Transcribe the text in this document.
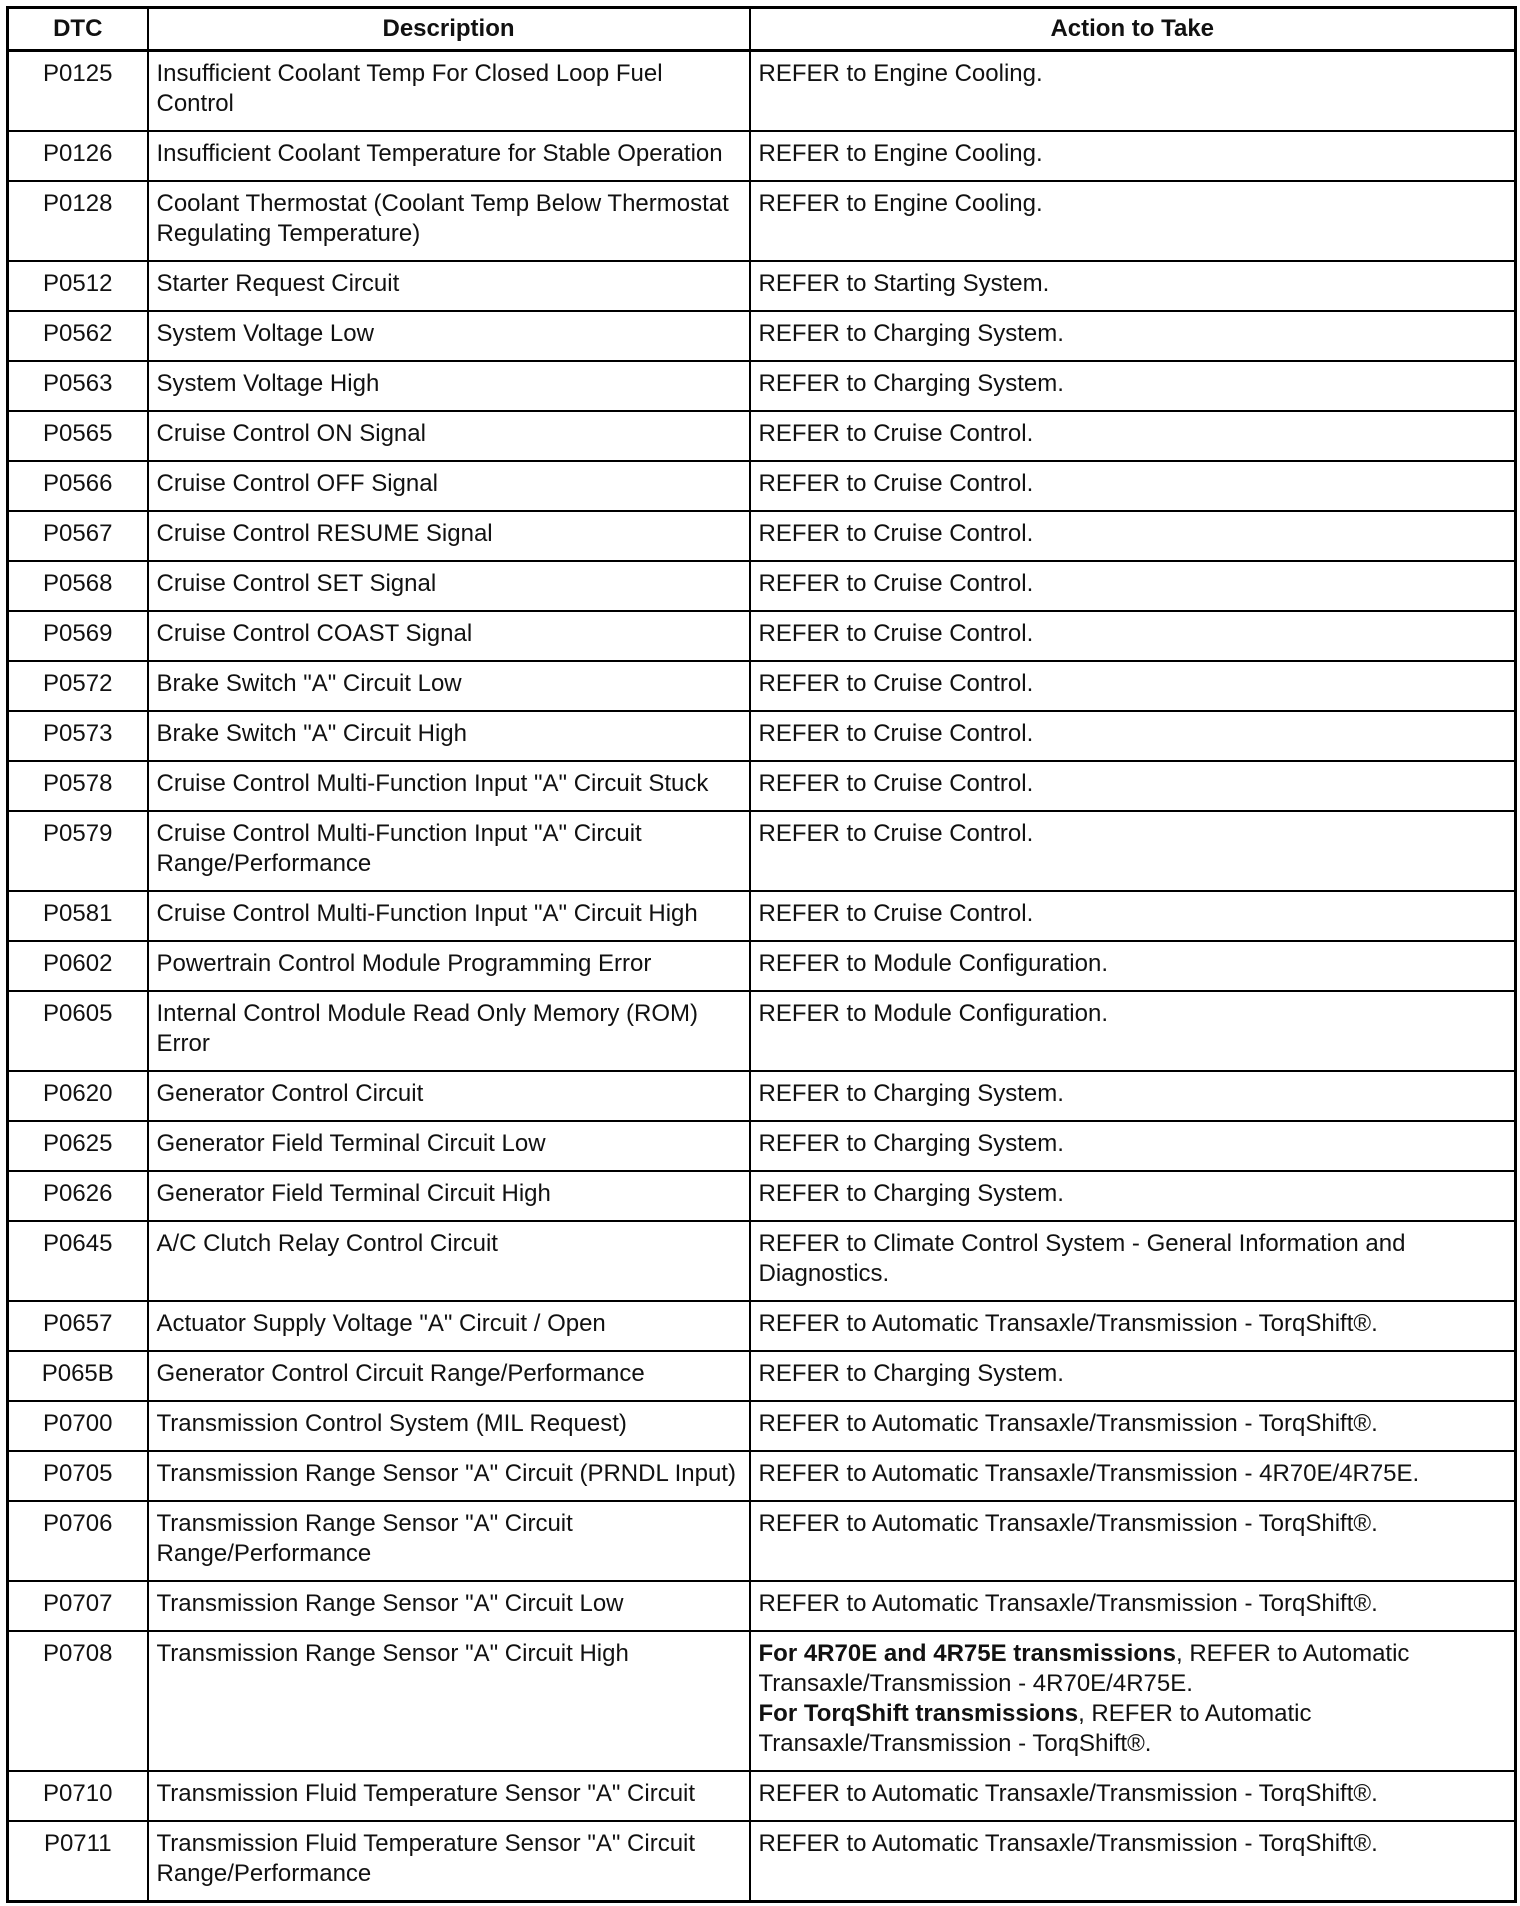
DTC	Description	Action to Take
P0125	Insufficient Coolant Temp For Closed Loop Fuel Control	REFER to Engine Cooling.
P0126	Insufficient Coolant Temperature for Stable Operation	REFER to Engine Cooling.
P0128	Coolant Thermostat (Coolant Temp Below Thermostat Regulating Temperature)	REFER to Engine Cooling.
P0512	Starter Request Circuit	REFER to Starting System.
P0562	System Voltage Low	REFER to Charging System.
P0563	System Voltage High	REFER to Charging System.
P0565	Cruise Control ON Signal	REFER to Cruise Control.
P0566	Cruise Control OFF Signal	REFER to Cruise Control.
P0567	Cruise Control RESUME Signal	REFER to Cruise Control.
P0568	Cruise Control SET Signal	REFER to Cruise Control.
P0569	Cruise Control COAST Signal	REFER to Cruise Control.
P0572	Brake Switch "A" Circuit Low	REFER to Cruise Control.
P0573	Brake Switch "A" Circuit High	REFER to Cruise Control.
P0578	Cruise Control Multi-Function Input "A" Circuit Stuck	REFER to Cruise Control.
P0579	Cruise Control Multi-Function Input "A" Circuit Range/Performance	REFER to Cruise Control.
P0581	Cruise Control Multi-Function Input "A" Circuit High	REFER to Cruise Control.
P0602	Powertrain Control Module Programming Error	REFER to Module Configuration.
P0605	Internal Control Module Read Only Memory (ROM) Error	REFER to Module Configuration.
P0620	Generator Control Circuit	REFER to Charging System.
P0625	Generator Field Terminal Circuit Low	REFER to Charging System.
P0626	Generator Field Terminal Circuit High	REFER to Charging System.
P0645	A/C Clutch Relay Control Circuit	REFER to Climate Control System - General Information and Diagnostics.
P0657	Actuator Supply Voltage "A" Circuit / Open	REFER to Automatic Transaxle/Transmission - TorqShift®.
P065B	Generator Control Circuit Range/Performance	REFER to Charging System.
P0700	Transmission Control System (MIL Request)	REFER to Automatic Transaxle/Transmission - TorqShift®.
P0705	Transmission Range Sensor "A" Circuit (PRNDL Input)	REFER to Automatic Transaxle/Transmission - 4R70E/4R75E.
P0706	Transmission Range Sensor "A" Circuit Range/Performance	REFER to Automatic Transaxle/Transmission - TorqShift®.
P0707	Transmission Range Sensor "A" Circuit Low	REFER to Automatic Transaxle/Transmission - TorqShift®.
P0708	Transmission Range Sensor "A" Circuit High	For 4R70E and 4R75E transmissions, REFER to Automatic Transaxle/Transmission - 4R70E/4R75E.
For TorqShift transmissions, REFER to Automatic Transaxle/Transmission - TorqShift®.

P0710	Transmission Fluid Temperature Sensor "A" Circuit	REFER to Automatic Transaxle/Transmission - TorqShift®.
P0711	Transmission Fluid Temperature Sensor "A" Circuit Range/Performance	REFER to Automatic Transaxle/Transmission - TorqShift®.
